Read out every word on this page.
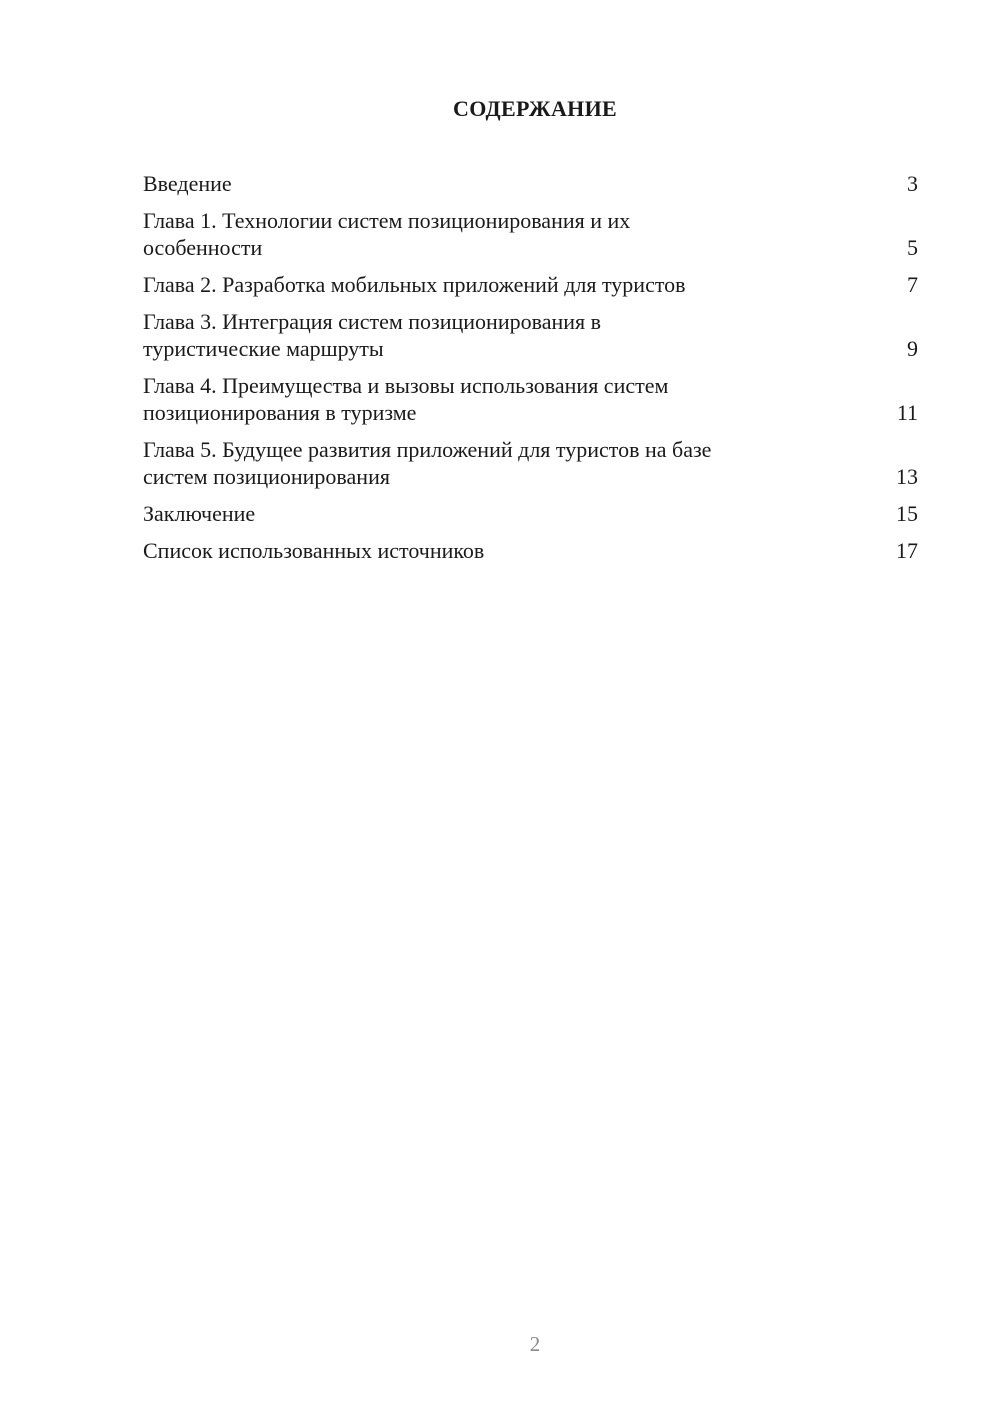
СОДЕРЖАНИЕ
Введение	3
Глава 1. Технологии систем позиционирования и их
особенности	5
Глава 2. Разработка мобильных приложений для туристов	7
Глава 3. Интеграция систем позиционирования в
туристические маршруты	9
Глава 4. Преимущества и вызовы использования систем
позиционирования в туризме	11
Глава 5. Будущее развития приложений для туристов на базе
систем позиционирования	13
Заключение	15
Список использованных источников	17
2
